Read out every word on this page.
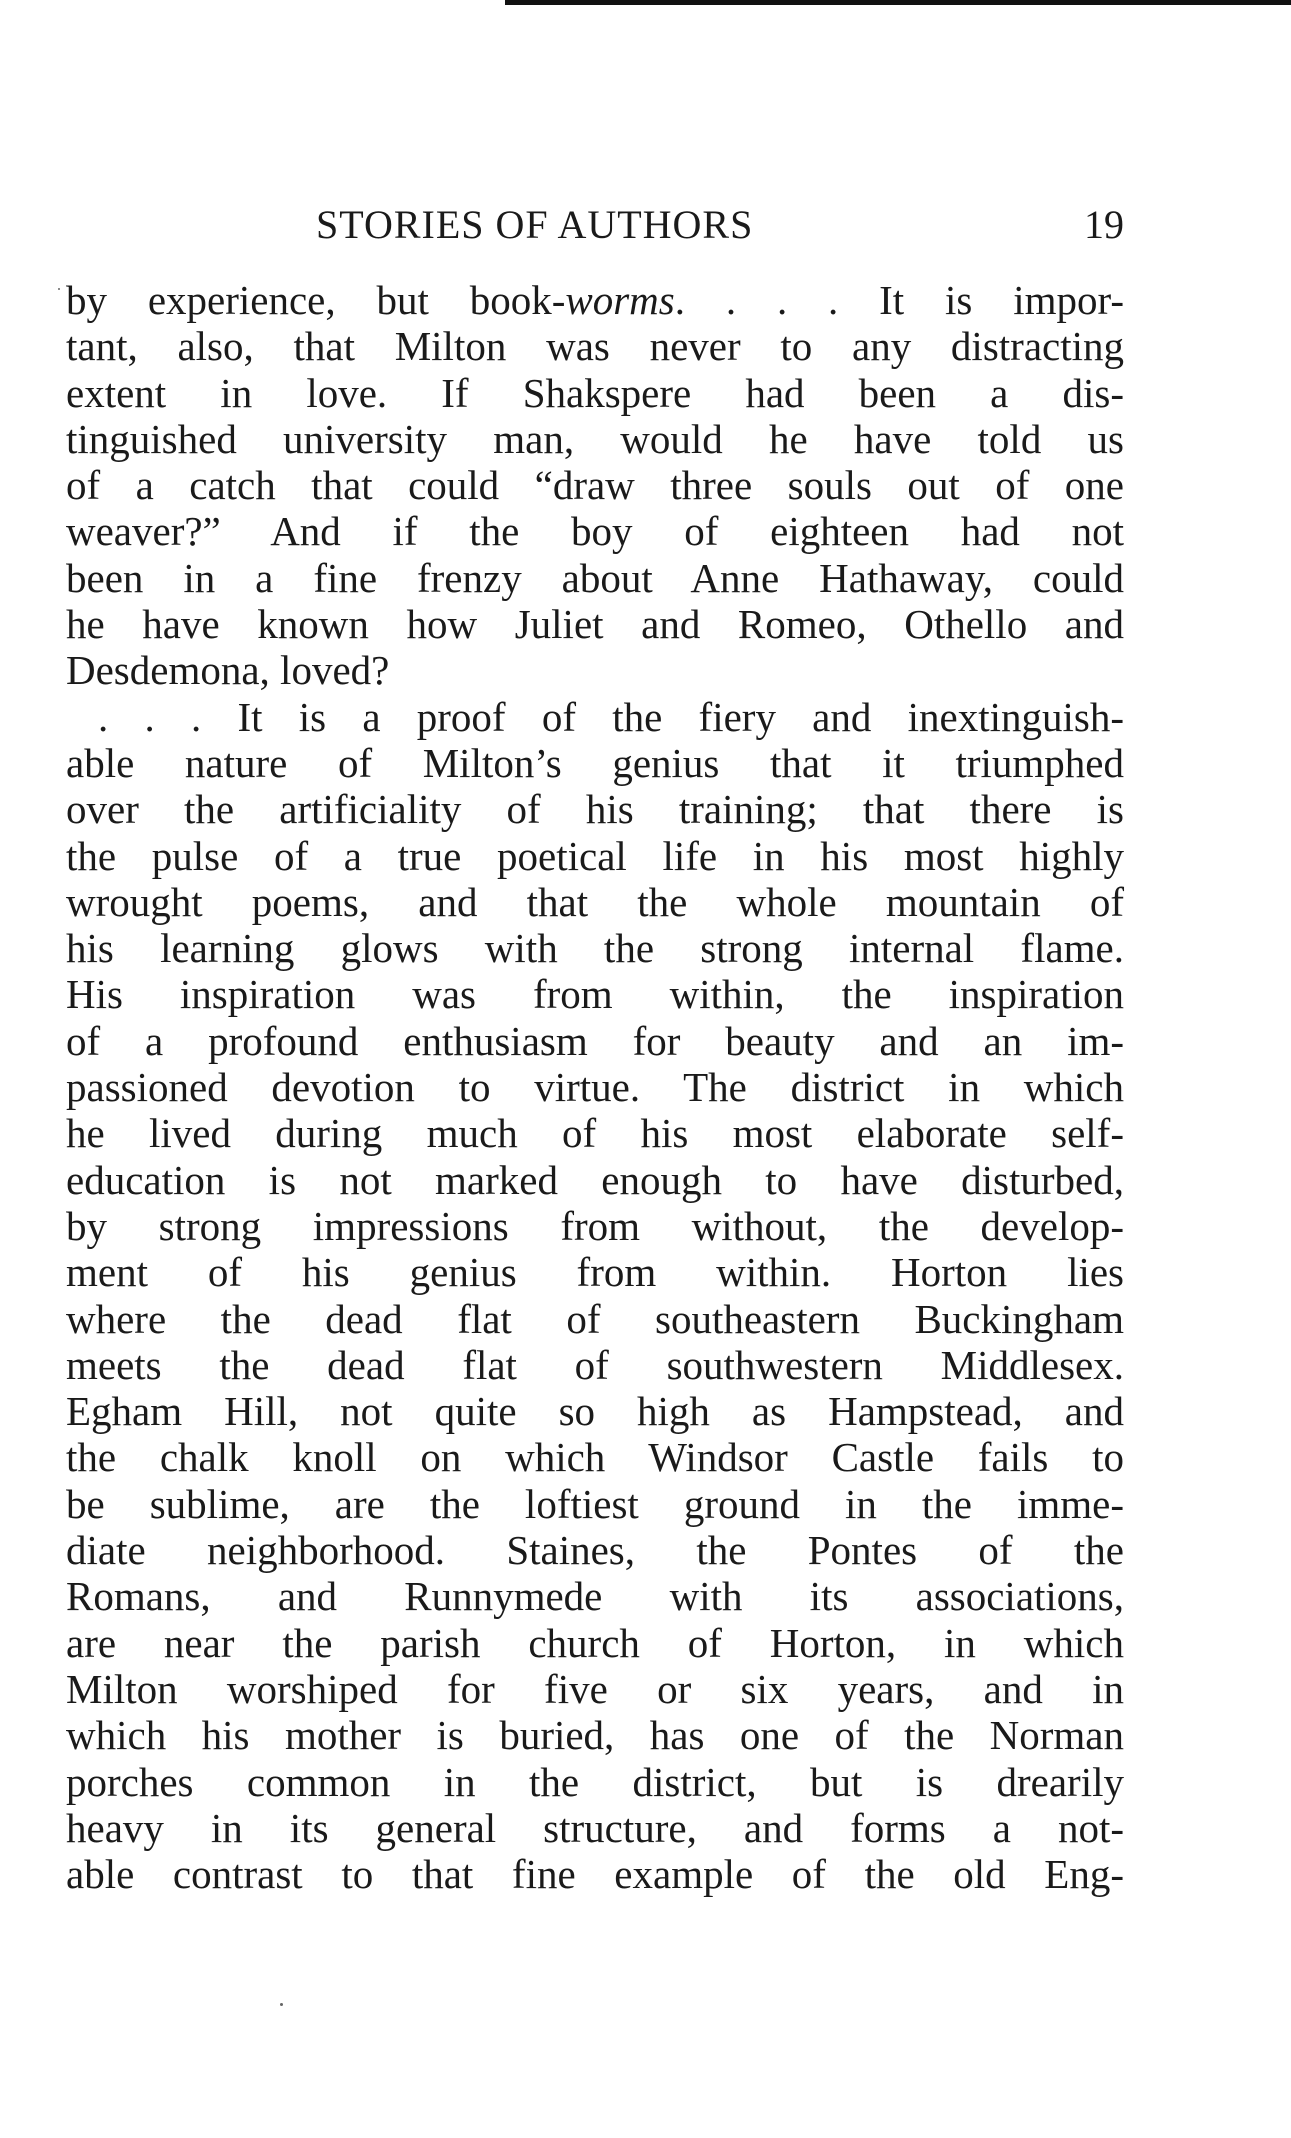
STORIES OF AUTHORS	19
by experience, but book-worms. . . . It is impor-
tant, also, that Milton was never to any distracting
extent in love. If Shakspere had been a dis-
tinguished university man, would he have told us
of a catch that could “draw three souls out of one
weaver?” And if the boy of eighteen had not
been in a fine frenzy about Anne Hathaway, could
he have known how Juliet and Romeo, Othello and
Desdemona, loved?
. . . It is a proof of the fiery and inextinguish-
able nature of Milton’s genius that it triumphed
over the artificiality of his training; that there is
the pulse of a true poetical life in his most highly
wrought poems, and that the whole mountain of
his learning glows with the strong internal flame.
His inspiration was from within, the inspiration
of a profound enthusiasm for beauty and an im-
passioned devotion to virtue. The district in which
he lived during much of his most elaborate self-
education is not marked enough to have disturbed,
by strong impressions from without, the develop-
ment of his genius from within. Horton lies
where the dead flat of southeastern Buckingham
meets the dead flat of southwestern Middlesex.
Egham Hill, not quite so high as Hampstead, and
the chalk knoll on which Windsor Castle fails to
be sublime, are the loftiest ground in the imme-
diate neighborhood. Staines, the Pontes of the
Romans, and Runnymede with its associations,
are near the parish church of Horton, in which
Milton worshiped for five or six years, and in
which his mother is buried, has one of the Norman
porches common in the district, but is drearily
heavy in its general structure, and forms a not-
able contrast to that fine example of the old Eng-
